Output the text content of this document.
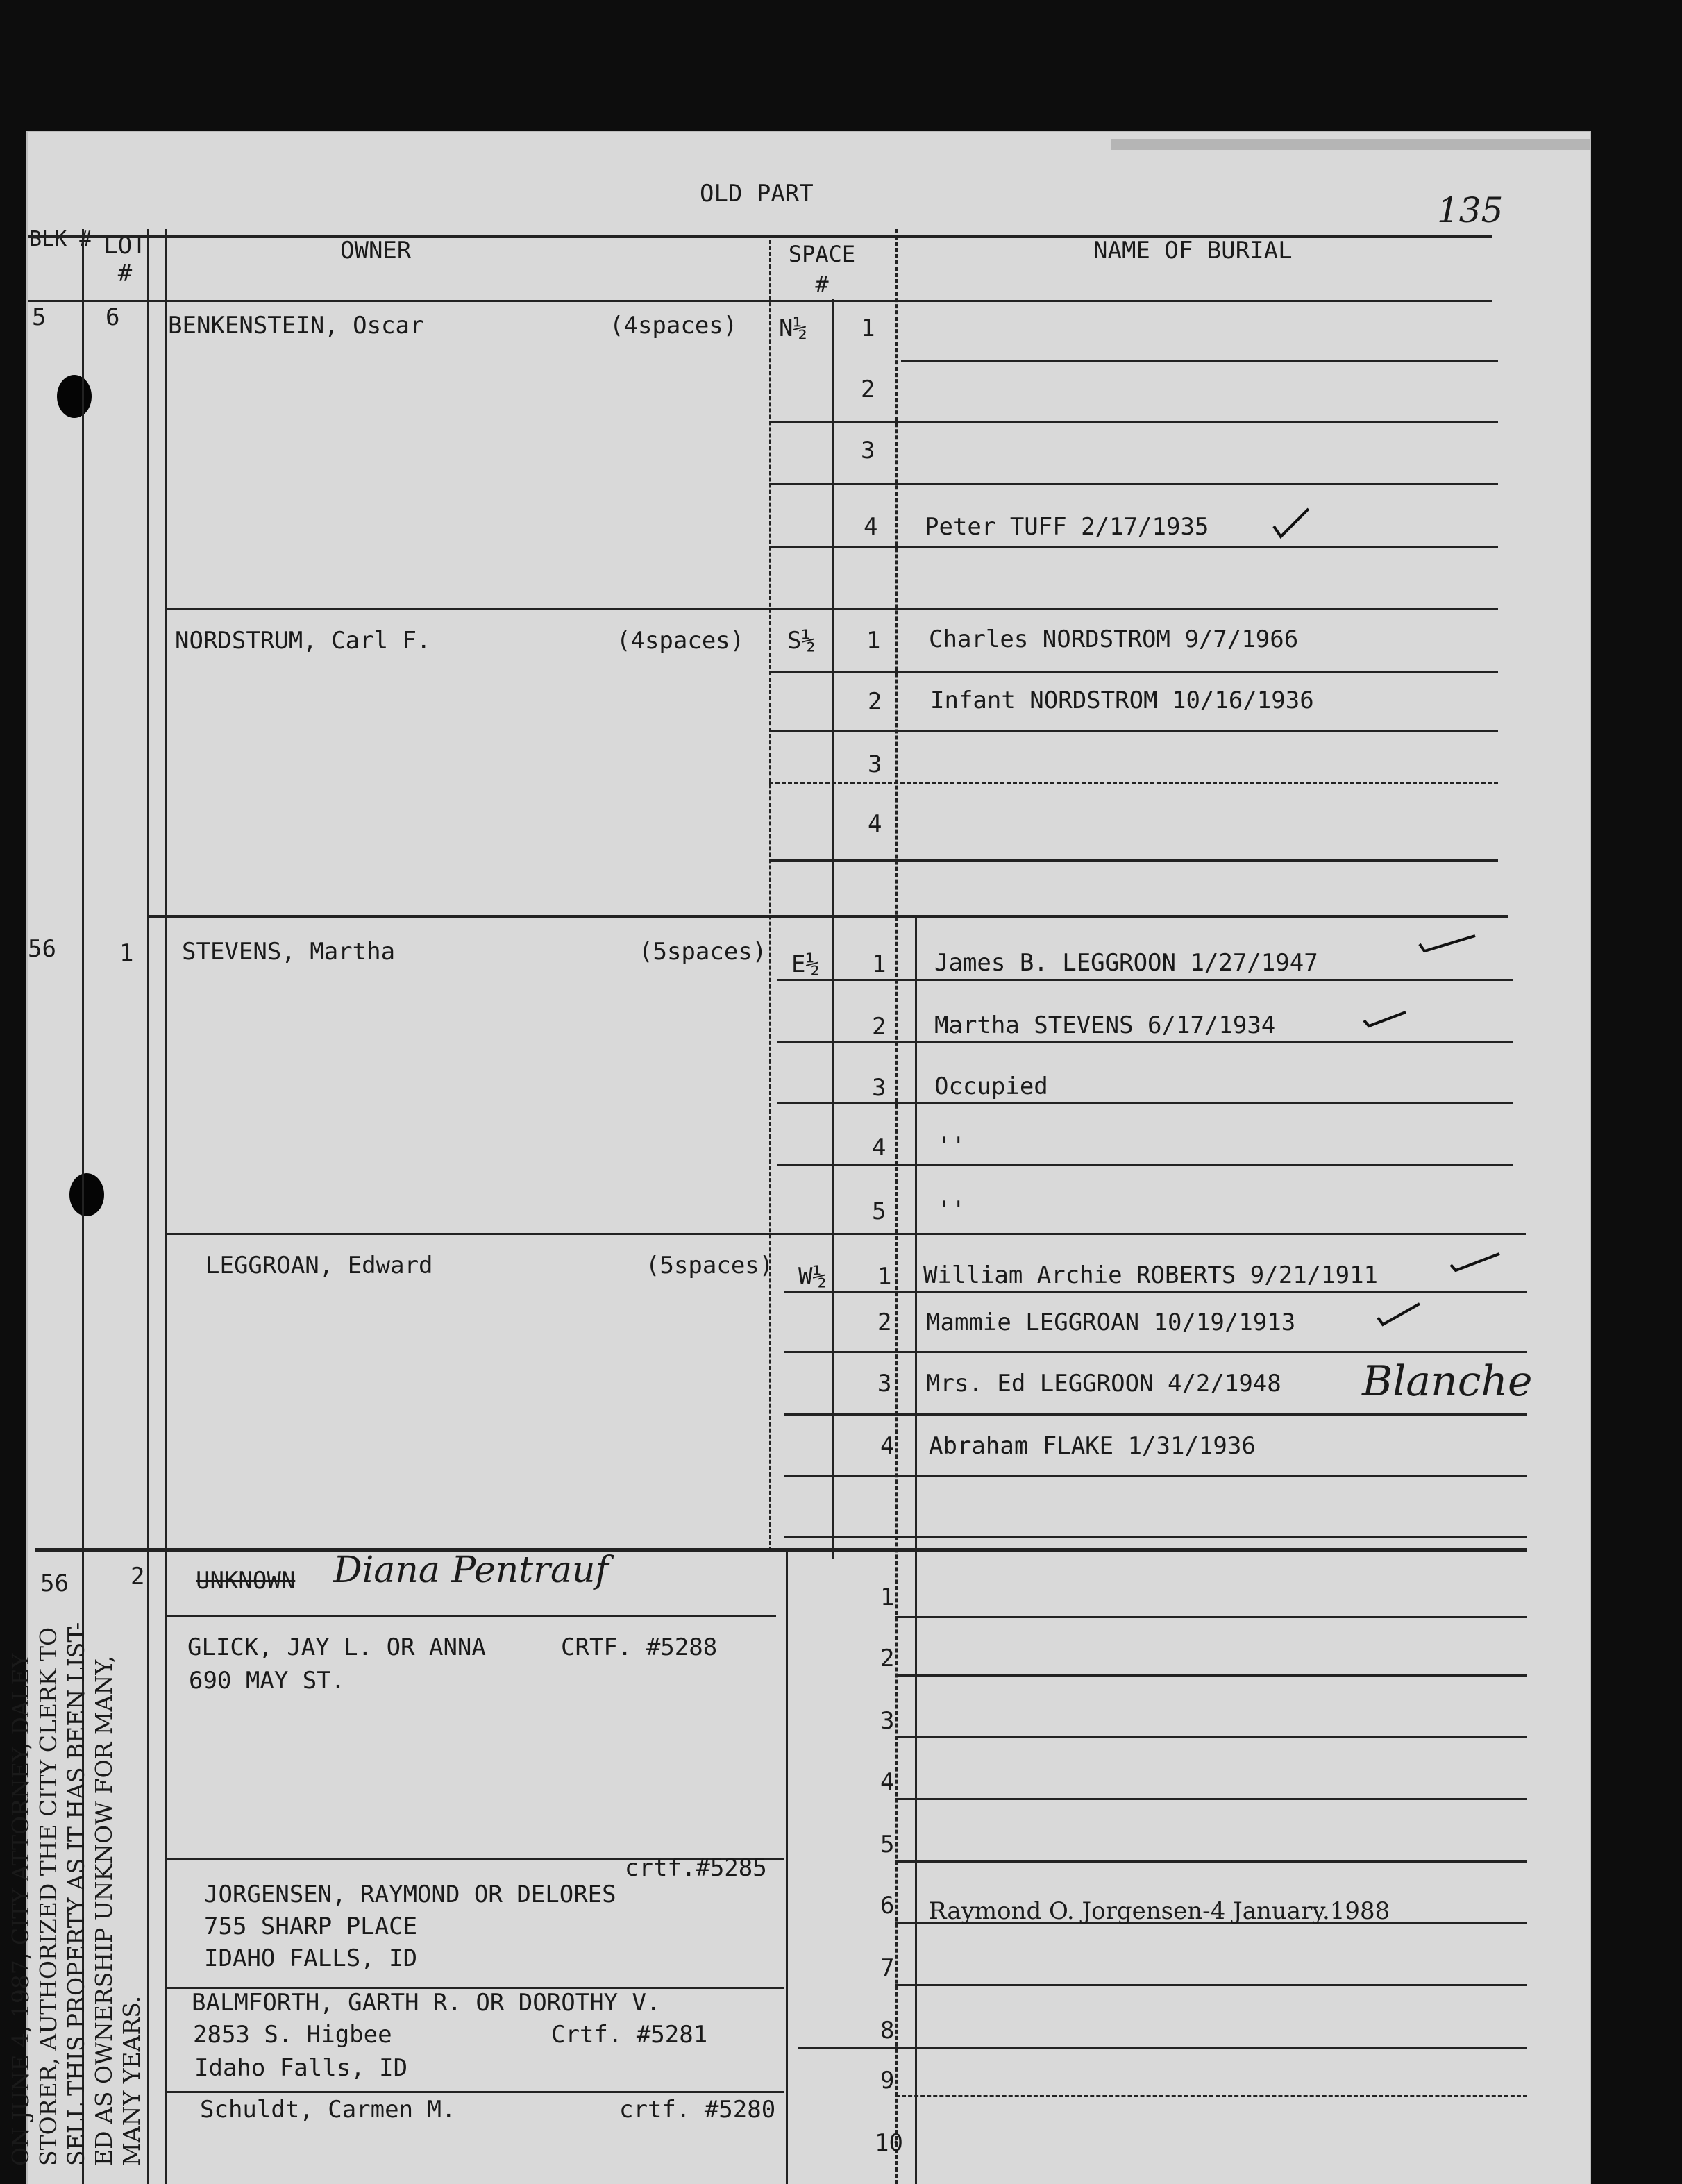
OLD PART	135
BLK # LOT #
OWNER	SPACE #
NAME OF BURIAL
5	6 BENKENSTEIN, Oscar	(4spaces) N½ 1
2
3
4 Peter TUFF 2/17/1935
NORDSTRUM, Carl F.	(4spaces) S½ 1 Charles NORDSTROM 9/7/1966
2 Infant NORDSTROM 10/16/1936
3
4
56	1 STEVENS, Martha	(5spaces) E½ 1 James B. LEGGROON 1/27/1947
2 Martha STEVENS 6/17/1934
3 Occupied
4 ''
5 ''
LEGGROAN, Edward	(5spaces) W½ 1 William Archie ROBERTS 9/21/1911
2 Mammie LEGGROAN 10/19/1913
3 Mrs. Ed LEGGROON 4/2/1948 Blanche
4 Abraham FLAKE 1/31/1936
56	2 UNKNOWN Diana Pentrauf
GLICK, JAY L. OR ANNA	CRTF. #5288
690 MAY ST.
crtf.#5285
JORGENSEN, RAYMOND OR DELORES
755 SHARP PLACE
IDAHO FALLS, ID
BALMFORTH, GARTH R. OR DOROTHY V.
2853 S. Higbee	Crtf. #5281
Idaho Falls, ID
Schuldt, Carmen M.	crtf. #5280
1
2
3
4
5
6 Raymond O. Jorgensen-4 January.1988
7
8
9
10
ON JUNE 4, 1987, CITY ATTORNEY, DALEY STORER, AUTHORIZED THE CITY CLERK TO SELL THIS PROPERTY AS IT HAS BEEN LIST- ED AS OWNERSHIP UNKNOW FOR MANY, MANY YEARS.
